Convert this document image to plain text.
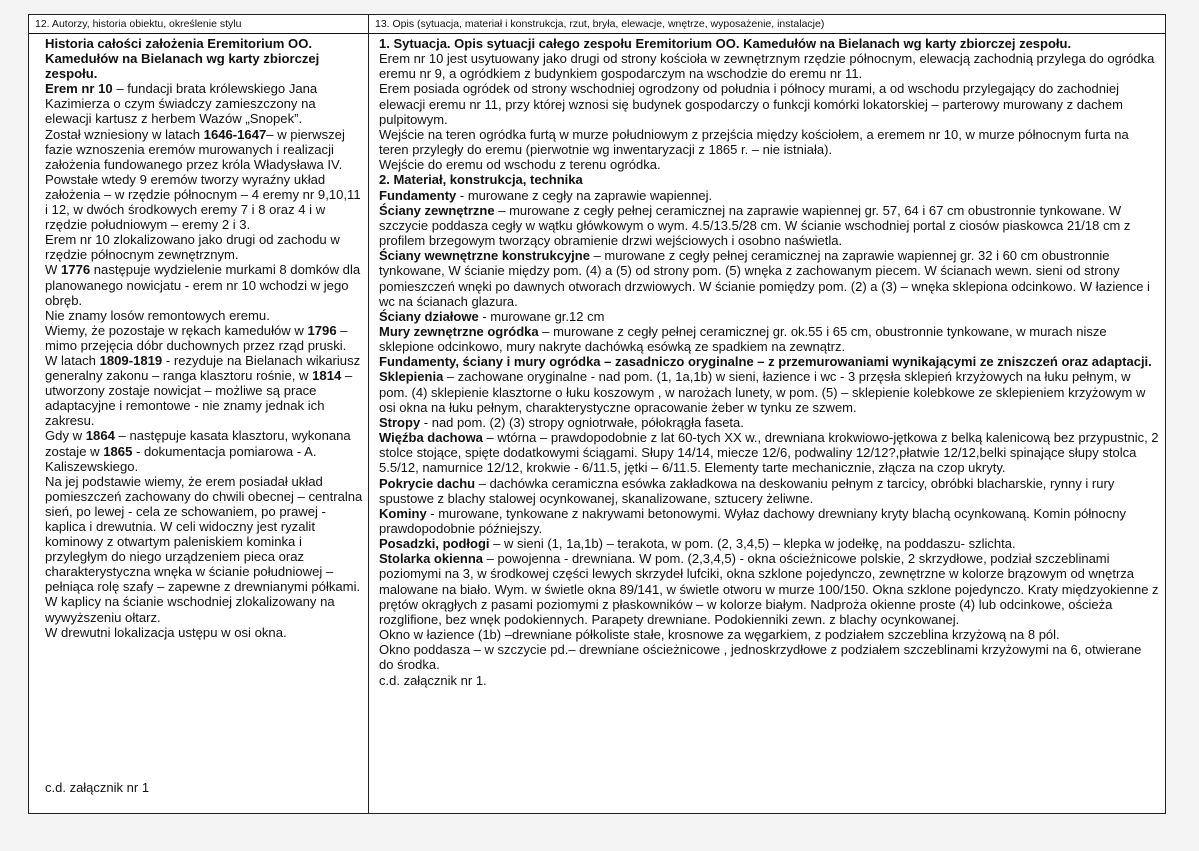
12. Autorzy, historia obiektu, określenie stylu

Historia całości założenia Eremitorium OO. Kamedułów na Bielanach wg karty zbiorczej zespołu.

Erem nr 10 – fundacji brata królewskiego Jana Kazimierza o czym świadczy zamieszczony na elewacji kartusz z herbem Wazów „Snopek”.

Został wzniesiony w latach 1646-1647– w pierwszej fazie wznoszenia eremów murowanych i realizacji założenia fundowanego przez króla Władysława IV.

Powstałe wtedy 9 eremów tworzy wyraźny układ założenia – w rzędzie północnym – 4 eremy nr 9,10,11 i 12, w dwóch środkowych eremy 7 i 8 oraz 4 i w rzędzie południowym – eremy 2 i 3.

Erem nr 10 zlokalizowano jako drugi od zachodu w rzędzie północnym zewnętrznym.

W 1776 następuje wydzielenie murkami 8 domków dla planowanego nowicjatu - erem nr 10 wchodzi w jego obręb.

Nie znamy losów remontowych eremu.

Wiemy, że pozostaje w rękach kamedułów w 1796 –mimo przejęcia dóbr duchownych przez rząd pruski.

W latach 1809-1819 - rezyduje na Bielanach wikariusz generalny zakonu – ranga klasztoru rośnie, w 1814 – utworzony zostaje nowicjat – możliwe są prace adaptacyjne i remontowe - nie znamy jednak ich zakresu.

Gdy w 1864 – następuje kasata klasztoru, wykonana zostaje w 1865 - dokumentacja pomiarowa - A. Kaliszewskiego.

Na jej podstawie wiemy, że erem posiadał układ pomieszczeń zachowany do chwili obecnej – centralna sień, po lewej - cela ze schowaniem, po prawej - kaplica i drewutnia. W celi widoczny jest ryzalit kominowy z otwartym paleniskiem kominka i przyległym do niego urządzeniem pieca oraz charakterystyczna wnęka w ścianie południowej – pełniąca rolę szafy – zapewne z drewnianymi półkami. W kaplicy na ścianie wschodniej zlokalizowany na wywyższeniu ołtarz.

W drewutni lokalizacja ustępu w osi okna.

c.d. załącznik nr 1
13. Opis (sytuacja, materiał i konstrukcja, rzut, bryła, elewacje, wnętrze, wyposażenie, instalacje)

1. Sytuacja. Opis sytuacji całego zespołu Eremitorium OO. Kamedułów na Bielanach wg karty zbiorczej zespołu.

Erem nr 10 jest usytuowany jako drugi od strony kościoła w zewnętrznym rzędzie północnym, elewacją zachodnią przylega do ogródka eremu nr 9, a ogródkiem z budynkiem gospodarczym na wschodzie do eremu nr 11.

Erem posiada ogródek od strony wschodniej ogrodzony od południa i północy murami, a od wschodu przylegający do zachodniej elewacji eremu nr 11, przy której wznosi się budynek gospodarczy o funkcji komórki lokatorskiej – parterowy murowany z dachem pulpitowym.

Wejście na teren ogródka furtą w murze południowym z przejścia między kościołem, a eremem nr 10, w murze północnym furta na teren przyległy do eremu (pierwotnie wg inwentaryzacji z 1865 r. – nie istniała).

Wejście do eremu od wschodu z terenu ogródka.

2. Materiał, konstrukcja, technika

Fundamenty - murowane z cegły na zaprawie wapiennej.

Ściany zewnętrzne – murowane z cegły pełnej ceramicznej na zaprawie wapiennej gr. 57, 64 i 67 cm obustronnie tynkowane. W szczycie poddasza cegły w wątku główkowym o wym. 4.5/13.5/28 cm. W ścianie wschodniej portal z ciosów piaskowca 21/18 cm z profilem brzegowym tworzący obramienie drzwi wejściowych i osobno naświetla.

Ściany wewnętrzne konstrukcyjne – murowane z cegły pełnej ceramicznej na zaprawie wapiennej gr. 32 i 60 cm obustronnie tynkowane, W ścianie między pom. (4) a (5) od strony pom. (5) wnęka z zachowanym piecem. W ścianach wewn. sieni od strony pomieszczeń wnęki po dawnych otworach drzwiowych. W ścianie pomiędzy pom. (2) a (3) – wnęka sklepiona odcinkowo. W łazience i wc na ścianach glazura.

Ściany działowe - murowane gr.12 cm

Mury zewnętrzne ogródka – murowane z cegły pełnej ceramicznej gr. ok.55 i 65 cm, obustronnie tynkowane, w murach nisze sklepione odcinkowo, mury nakryte dachówką esówką ze spadkiem na zewnątrz.

Fundamenty, ściany i mury ogródka – zasadniczo oryginalne – z przemurowaniami wynikającymi ze zniszczeń oraz adaptacji.

Sklepienia – zachowane oryginalne - nad pom. (1, 1a,1b) w sieni, łazience i wc - 3 przęsła sklepień krzyżowych na łuku pełnym, w pom. (4) sklepienie klasztorne o łuku koszowym , w narożach lunety, w pom. (5) – sklepienie kolebkowe ze sklepieniem krzyżowym w osi okna na łuku pełnym, charakterystyczne opracowanie żeber w tynku ze szwem.

Stropy - nad pom. (2) (3) stropy ogniotrwałe, półokrągła faseta.

Więźba dachowa – wtórna – prawdopodobnie z lat 60-tych XX w., drewniana krokwiowo-jętkowa z belką kalenicową bez przypustnic, 2 stolce stojące, spięte dodatkowymi ściągami. Słupy 14/14, miecze 12/6, podwaliny 12/12?,płatwie 12/12,belki spinające słupy stolca 5.5/12, namurnice 12/12, krokwie - 6/11.5, jętki – 6/11.5. Elementy tarte mechanicznie, złącza na czop ukryty.

Pokrycie dachu – dachówka ceramiczna esówka zakładkowa na deskowaniu pełnym z tarcicy, obróbki blacharskie, rynny i rury spustowe z blachy stalowej ocynkowanej, skanalizowane, sztucery żeliwne.

Kominy - murowane, tynkowane z nakrywami betonowymi. Wyłaz dachowy drewniany kryty blachą ocynkowaną. Komin północny prawdopodobnie późniejszy.

Posadzki, podłogi – w sieni (1, 1a,1b) – terakota, w pom. (2, 3,4,5) – klepka w jodełkę, na poddaszu- szlichta.

Stolarka okienna – powojenna - drewniana. W pom. (2,3,4,5) - okna ościeżnicowe polskie, 2 skrzydłowe, podział szczeblinami poziomymi na 3, w środkowej części lewych skrzydeł lufciki, okna szklone pojedynczo, zewnętrzne w kolorze brązowym od wnętrza malowane na biało. Wym. w świetle okna 89/141, w świetle otworu w murze 100/150. Okna szklone pojedynczo. Kraty międzyokienne z prętów okrągłych z pasami poziomymi z płaskowników – w kolorze białym. Nadproża okienne proste (4) lub odcinkowe, ościeża rozglifione, bez wnęk podokiennych. Parapety drewniane. Podokienniki zewn. z blachy ocynkowanej.

Okno w łazience (1b) –drewniane półkoliste stałe, krosnowe za węgarkiem, z podziałem szczeblina krzyżową na 8 pól.

Okno poddasza – w szczycie pd.– drewniane ościeżnicowe , jednoskrzydłowe z podziałem szczeblinami krzyżowymi na 6, otwierane do środka.

c.d. załącznik nr 1.
